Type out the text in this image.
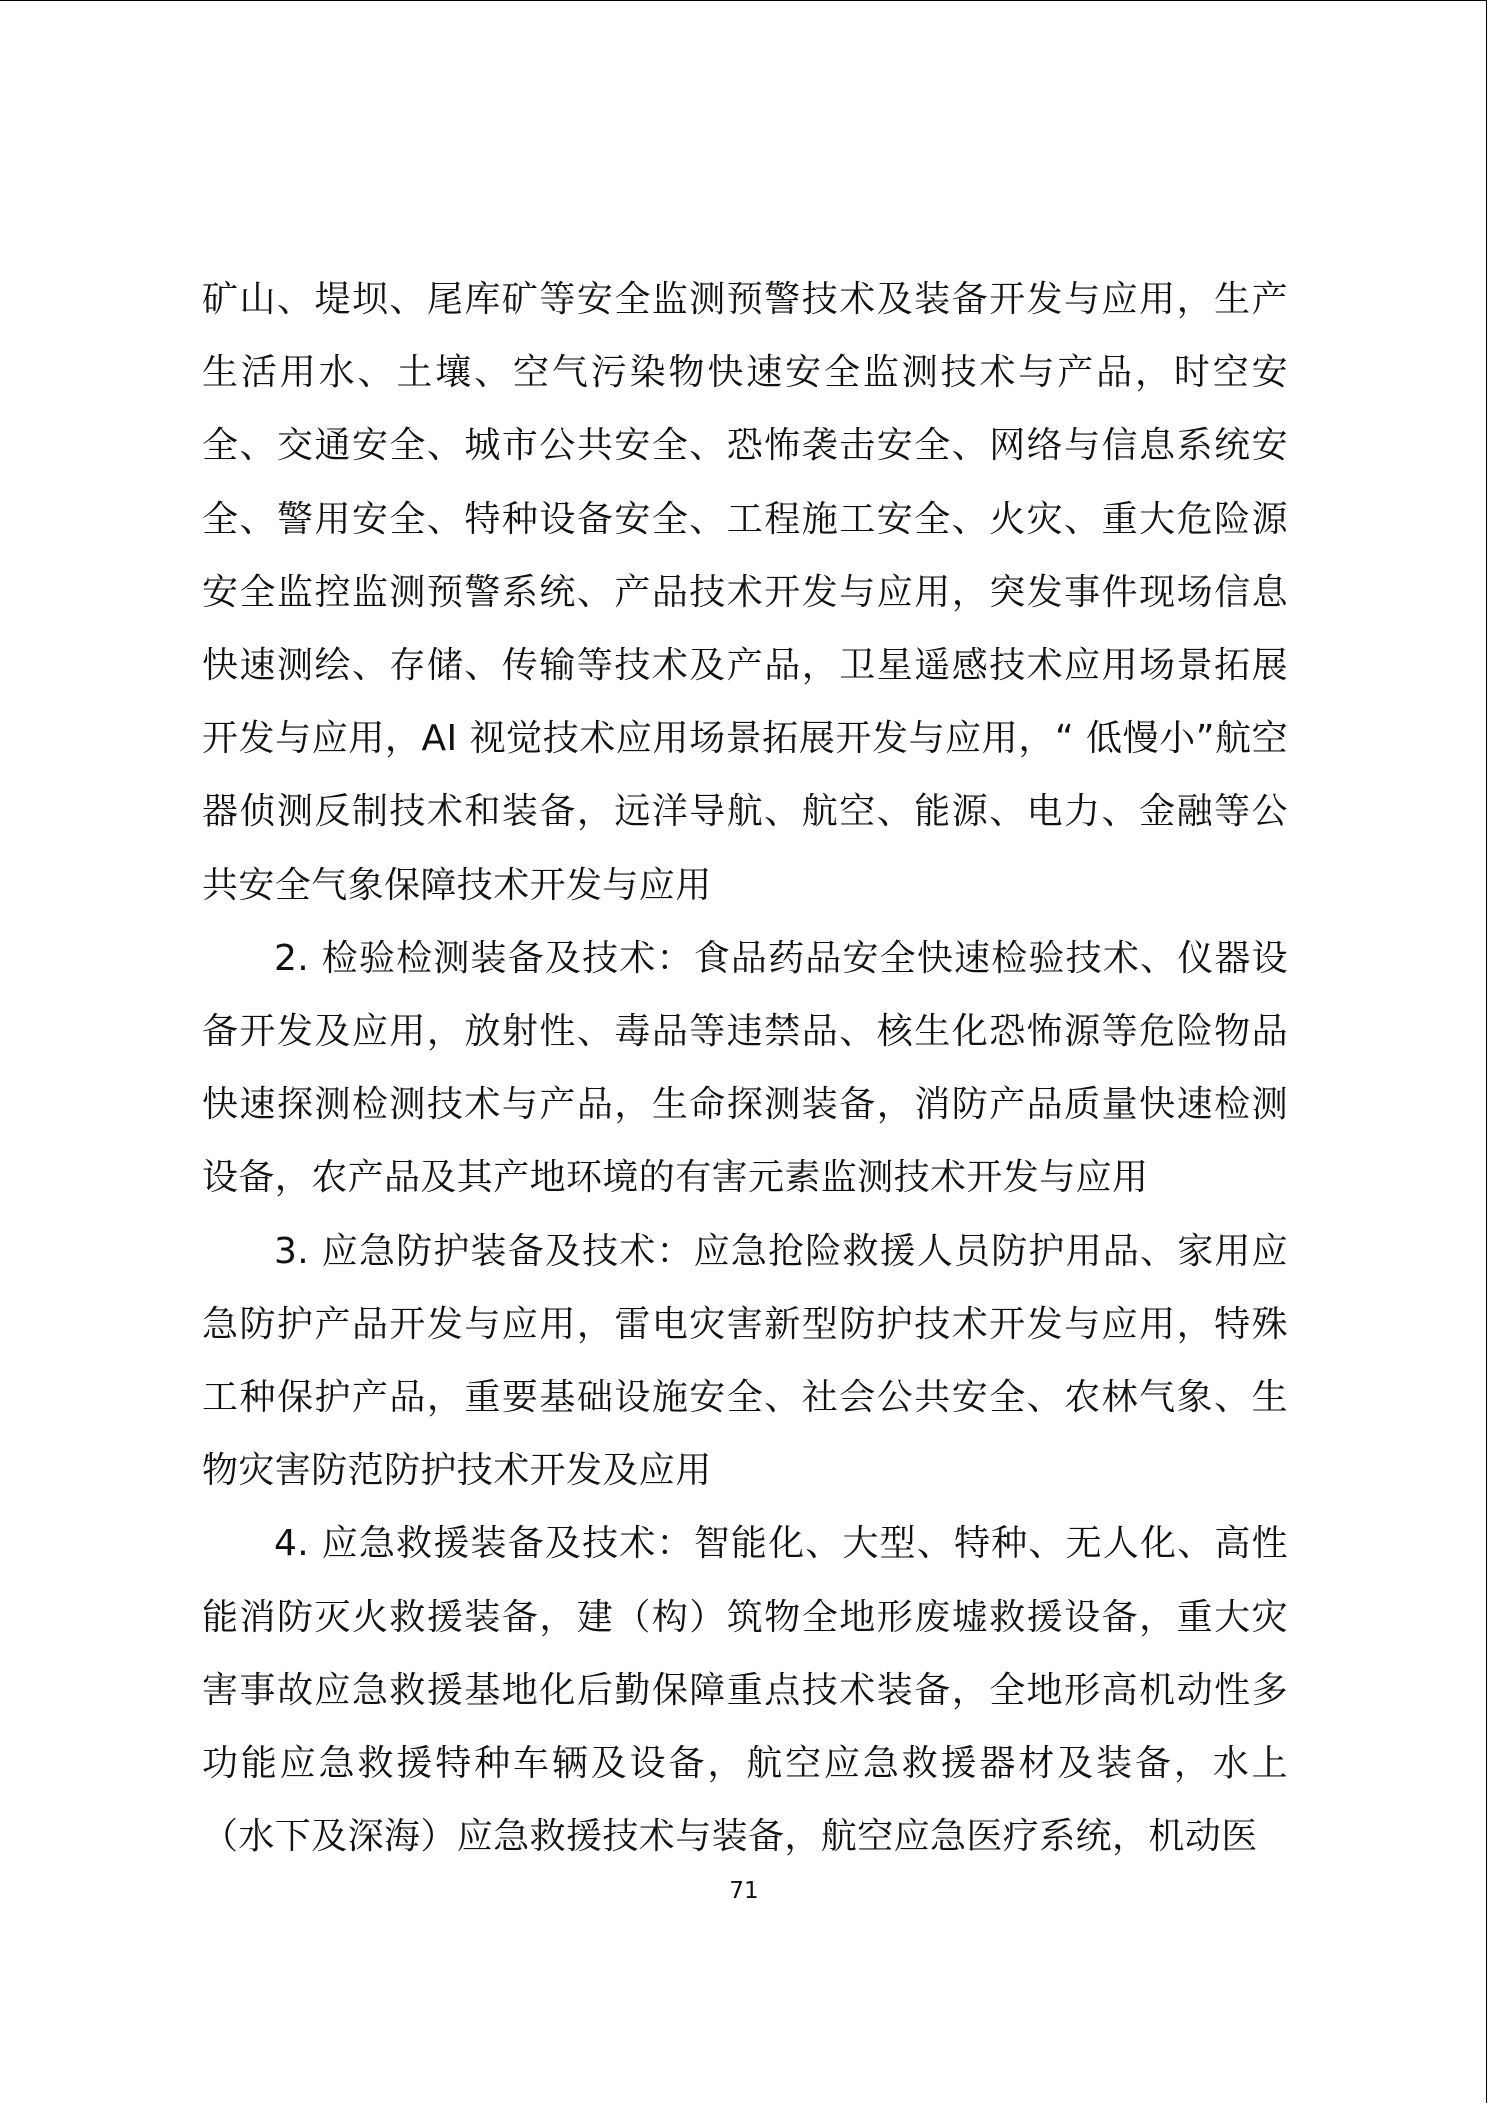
矿山、堤坝、尾库矿等安全监测预警技术及装备开发与应用，生产生活用水、土壤、空气污染物快速安全监测技术与产品，时空安全、交通安全、城市公共安全、恐怖袭击安全、网络与信息系统安全、警用安全、特种设备安全、工程施工安全、火灾、重大危险源安全监控监测预警系统、产品技术开发与应用，突发事件现场信息快速测绘、存储、传输等技术及产品，卫星遥感技术应用场景拓展开发与应用，AI 视觉技术应用场景拓展开发与应用，“ 低慢小”航空器侦测反制技术和装备，远洋导航、航空、能源、电力、金融等公共安全气象保障技术开发与应用

2. 检验检测装备及技术：食品药品安全快速检验技术、仪器设备开发及应用，放射性、毒品等违禁品、核生化恐怖源等危险物品快速探测检测技术与产品，生命探测装备，消防产品质量快速检测设备，农产品及其产地环境的有害元素监测技术开发与应用

3. 应急防护装备及技术：应急抢险救援人员防护用品、家用应急防护产品开发与应用，雷电灾害新型防护技术开发与应用，特殊工种保护产品，重要基础设施安全、社会公共安全、农林气象、生物灾害防范防护技术开发及应用

4. 应急救援装备及技术：智能化、大型、特种、无人化、高性能消防灭火救援装备，建（构）筑物全地形废墟救援设备，重大灾害事故应急救援基地化后勤保障重点技术装备，全地形高机动性多功能应急救援特种车辆及设备，航空应急救援器材及装备，水上（水下及深海）应急救援技术与装备，航空应急医疗系统，机动医

71
